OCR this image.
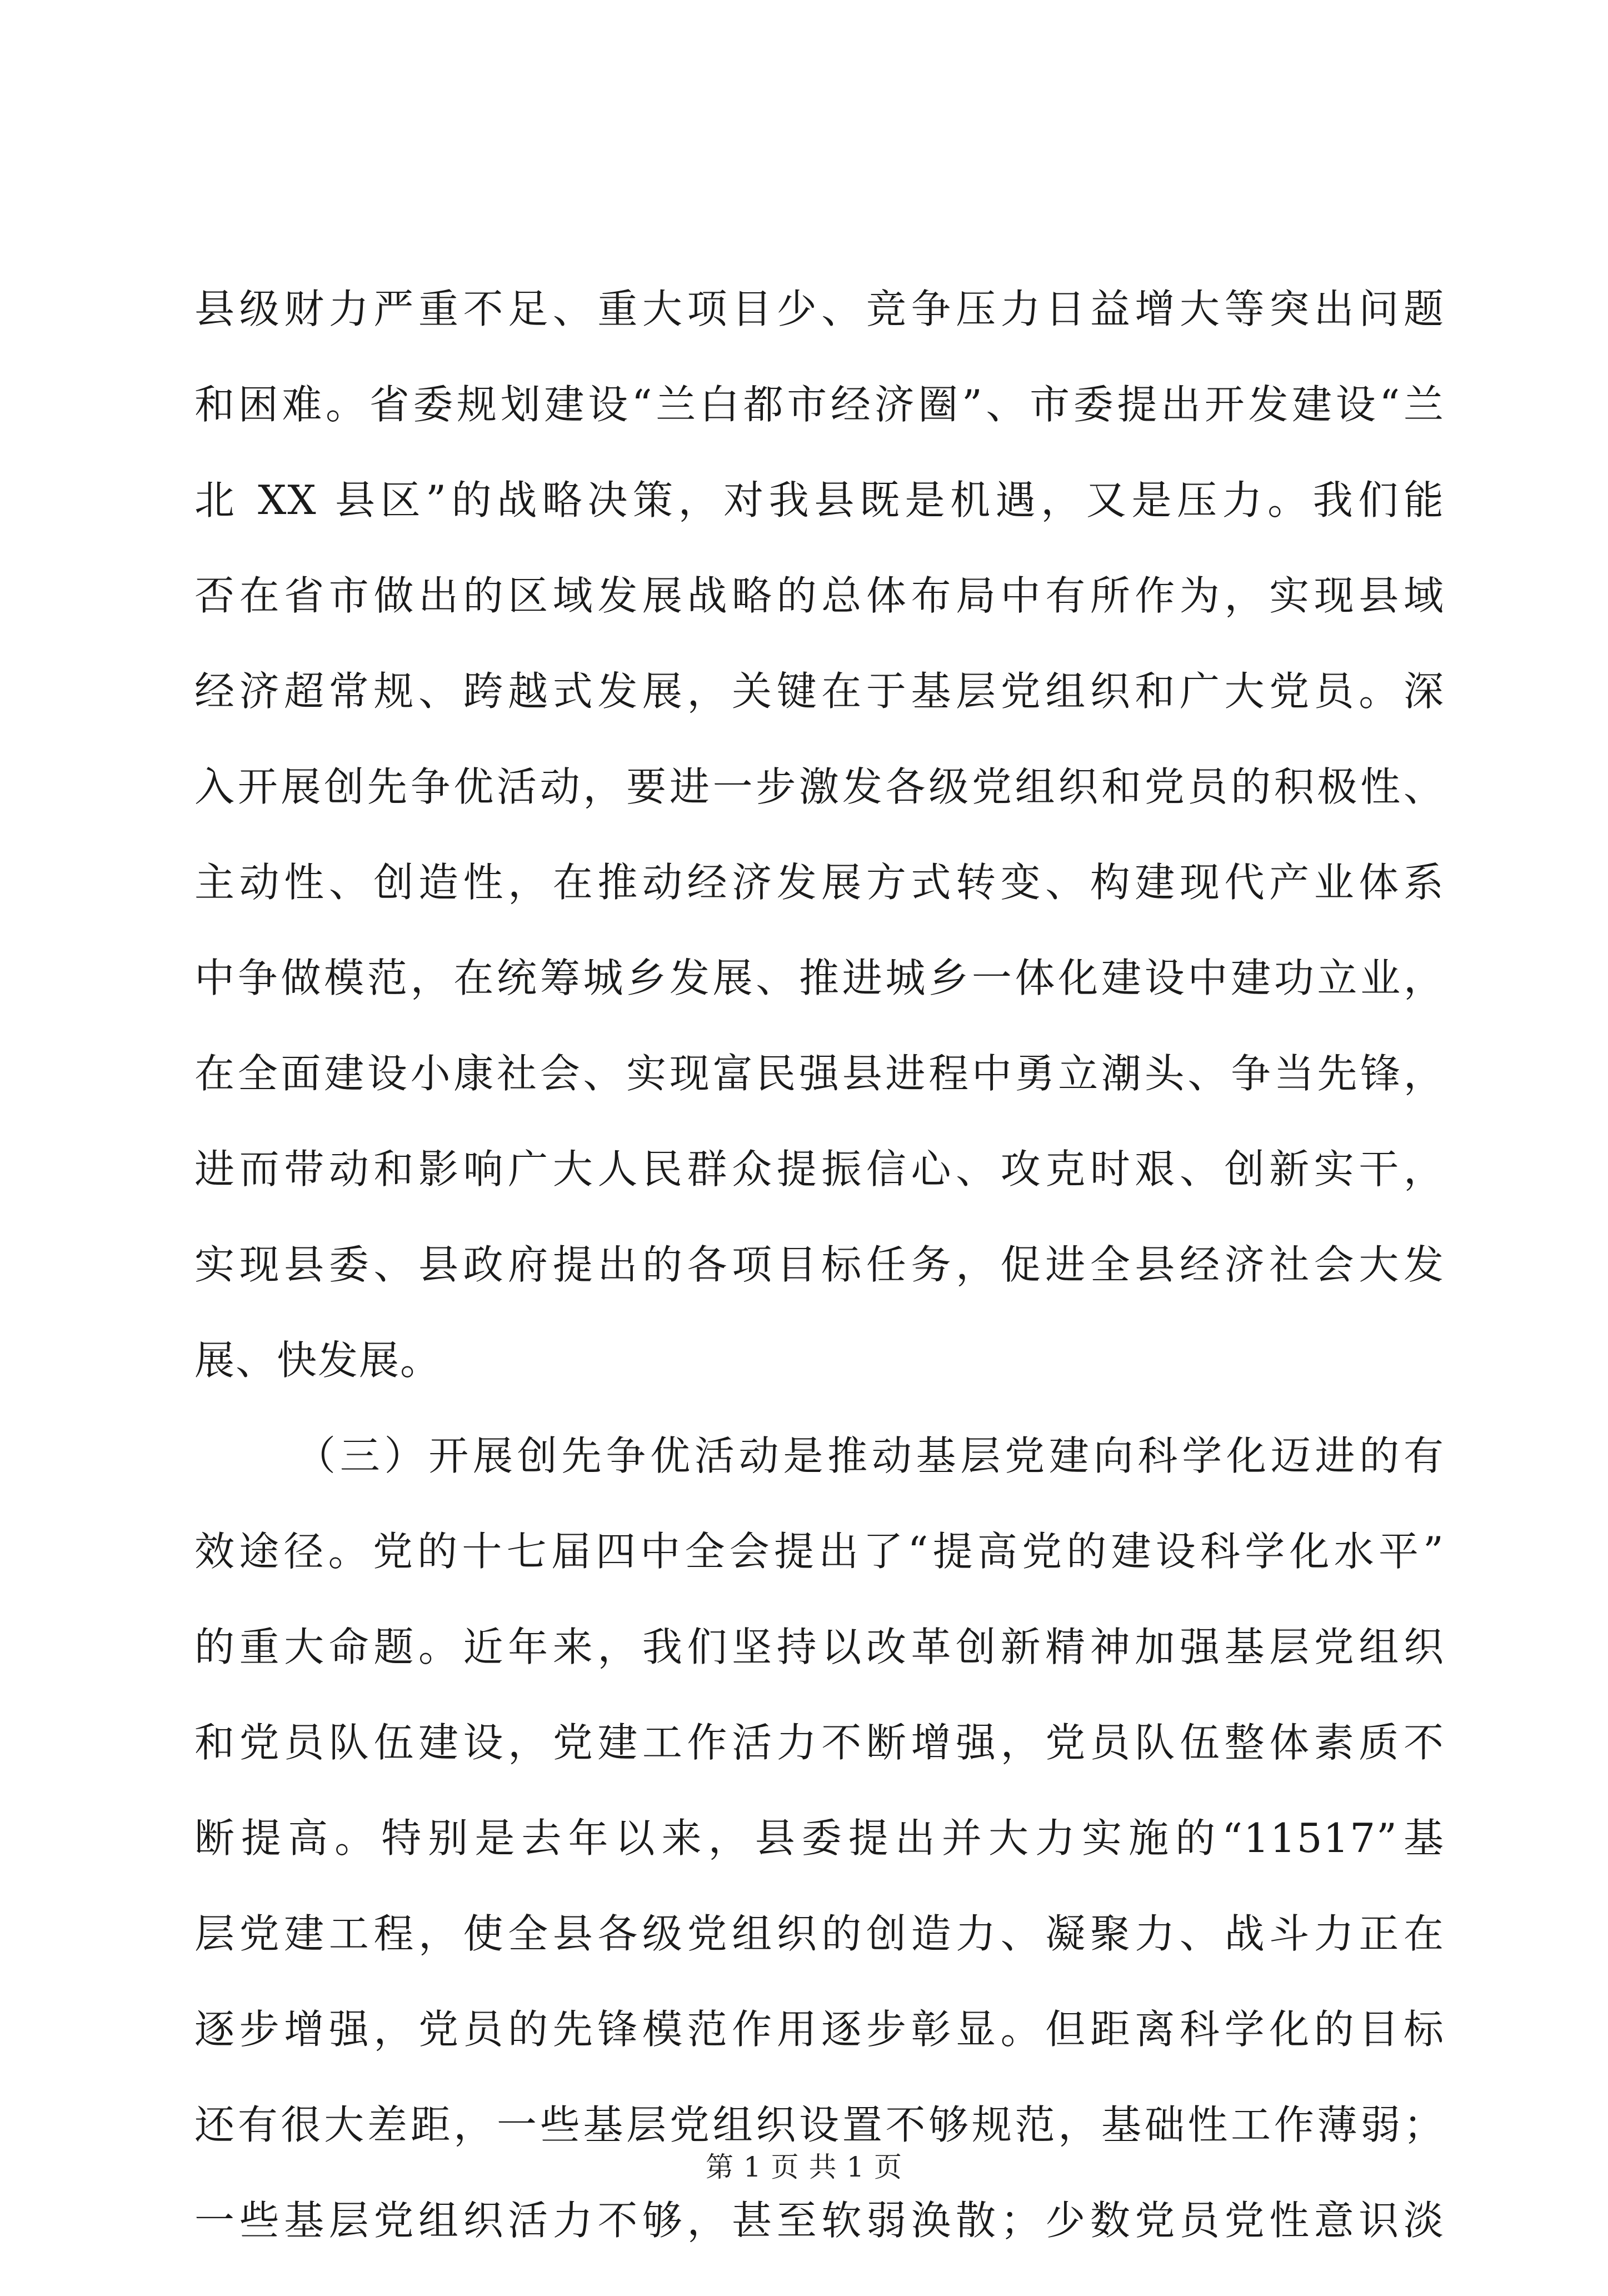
县级财力严重不足、重大项目少、竞争压力日益增大等突出问题
和困难。省委规划建设“兰白都市经济圈”、市委提出开发建设“兰
北 XX 县区”的战略决策，对我县既是机遇，又是压力。我们能
否在省市做出的区域发展战略的总体布局中有所作为，实现县域
经济超常规、跨越式发展，关键在于基层党组织和广大党员。深
入开展创先争优活动，要进一步激发各级党组织和党员的积极性、
主动性、创造性，在推动经济发展方式转变、构建现代产业体系
中争做模范，在统筹城乡发展、推进城乡一体化建设中建功立业，
在全面建设小康社会、实现富民强县进程中勇立潮头、争当先锋，
进而带动和影响广大人民群众提振信心、攻克时艰、创新实干，
实现县委、县政府提出的各项目标任务，促进全县经济社会大发
展、快发展。
（三）开展创先争优活动是推动基层党建向科学化迈进的有
效途径。党的十七届四中全会提出了“提高党的建设科学化水平”
的重大命题。近年来，我们坚持以改革创新精神加强基层党组织
和党员队伍建设，党建工作活力不断增强，党员队伍整体素质不
断提高。特别是去年以来，县委提出并大力实施的“11517”基
层党建工程，使全县各级党组织的创造力、凝聚力、战斗力正在
逐步增强，党员的先锋模范作用逐步彰显。但距离科学化的目标
还有很大差距，一些基层党组织设置不够规范，基础性工作薄弱；
一些基层党组织活力不够，甚至软弱涣散；少数党员党性意识淡
第 1 页 共 1 页
